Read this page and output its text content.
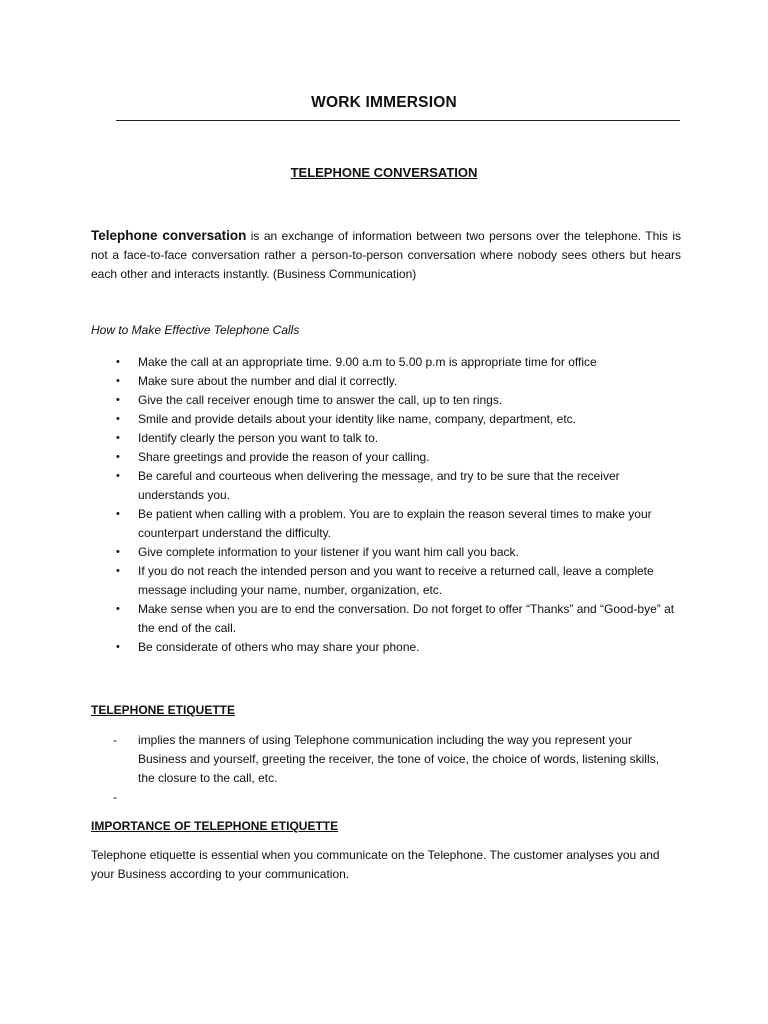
WORK IMMERSION
TELEPHONE CONVERSATION
Telephone conversation is an exchange of information between two persons over the telephone. This is not a face-to-face conversation rather a person-to-person conversation where nobody sees others but hears each other and interacts instantly. (Business Communication)
How to Make Effective Telephone Calls
• Make the call at an appropriate time. 9.00 a.m to 5.00 p.m is appropriate time for office
• Make sure about the number and dial it correctly.
• Give the call receiver enough time to answer the call, up to ten rings.
• Smile and provide details about your identity like name, company, department, etc.
• Identify clearly the person you want to talk to.
• Share greetings and provide the reason of your calling.
• Be careful and courteous when delivering the message, and try to be sure that the receiver understands you.
• Be patient when calling with a problem. You are to explain the reason several times to make your counterpart understand the difficulty.
• Give complete information to your listener if you want him call you back.
• If you do not reach the intended person and you want to receive a returned call, leave a complete message including your name, number, organization, etc.
• Make sense when you are to end the conversation. Do not forget to offer “Thanks” and “Good-bye” at the end of the call.
• Be considerate of others who may share your phone.
TELEPHONE ETIQUETTE
- implies the manners of using Telephone communication including the way you represent your Business and yourself, greeting the receiver, the tone of voice, the choice of words, listening skills, the closure to the call, etc.
-
IMPORTANCE OF TELEPHONE ETIQUETTE
Telephone etiquette is essential when you communicate on the Telephone. The customer analyses you and your Business according to your communication.
